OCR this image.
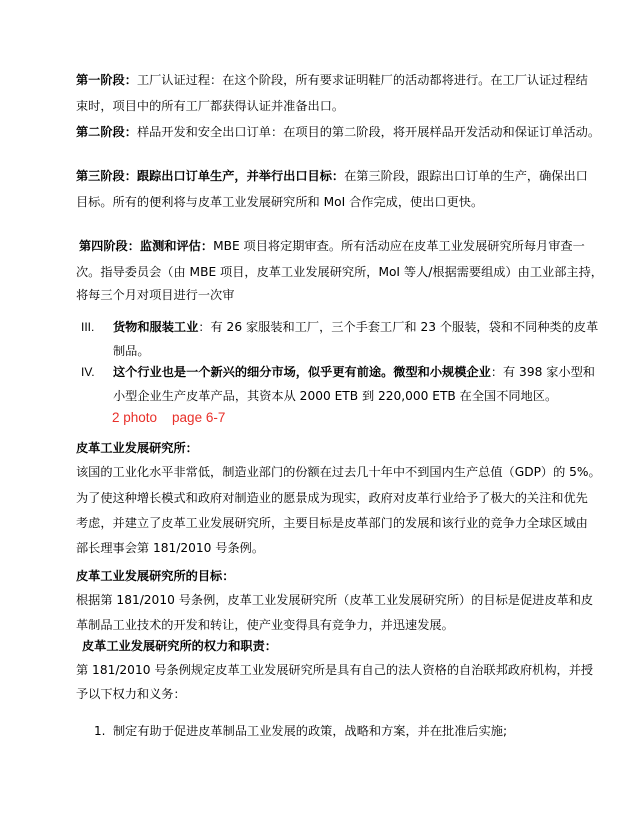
第一阶段：工厂认证过程：在这个阶段，所有要求证明鞋厂的活动都将进行。在工厂认证过程结
束时，项目中的所有工厂都获得认证并准备出口。
第二阶段：样品开发和安全出口订单：在项目的第二阶段，将开展样品开发活动和保证订单活动。
第三阶段：跟踪出口订单生产，并举行出口目标：在第三阶段，跟踪出口订单的生产，确保出口
目标。所有的便利将与皮革工业发展研究所和 MoI 合作完成，使出口更快。
第四阶段：监测和评估：MBE 项目将定期审查。所有活动应在皮革工业发展研究所每月审查一
次。指导委员会（由 MBE 项目，皮革工业发展研究所，MoI 等人/根据需要组成）由工业部主持，
将每三个月对项目进行一次审
III. 货物和服装工业：有 26 家服装和工厂，三个手套工厂和 23 个服装，袋和不同种类的皮革
制品。
IV. 这个行业也是一个新兴的细分市场，似乎更有前途。微型和小规模企业：有 398 家小型和
小型企业生产皮革产品，其资本从 2000 ETB 到 220,000 ETB 在全国不同地区。
2 photo    page 6-7
皮革工业发展研究所：
该国的工业化水平非常低，制造业部门的份额在过去几十年中不到国内生产总值（GDP）的 5%。
为了使这种增长模式和政府对制造业的愿景成为现实，政府对皮革行业给予了极大的关注和优先
考虑，并建立了皮革工业发展研究所，主要目标是皮革部门的发展和该行业的竞争力全球区域由
部长理事会第 181/2010 号条例。
皮革工业发展研究所的目标：
根据第 181/2010 号条例，皮革工业发展研究所（皮革工业发展研究所）的目标是促进皮革和皮
革制品工业技术的开发和转让，使产业变得具有竞争力，并迅速发展。
皮革工业发展研究所的权力和职责：
第 181/2010 号条例规定皮革工业发展研究所是具有自己的法人资格的自治联邦政府机构，并授
予以下权力和义务：
1. 制定有助于促进皮革制品工业发展的政策，战略和方案，并在批准后实施;
